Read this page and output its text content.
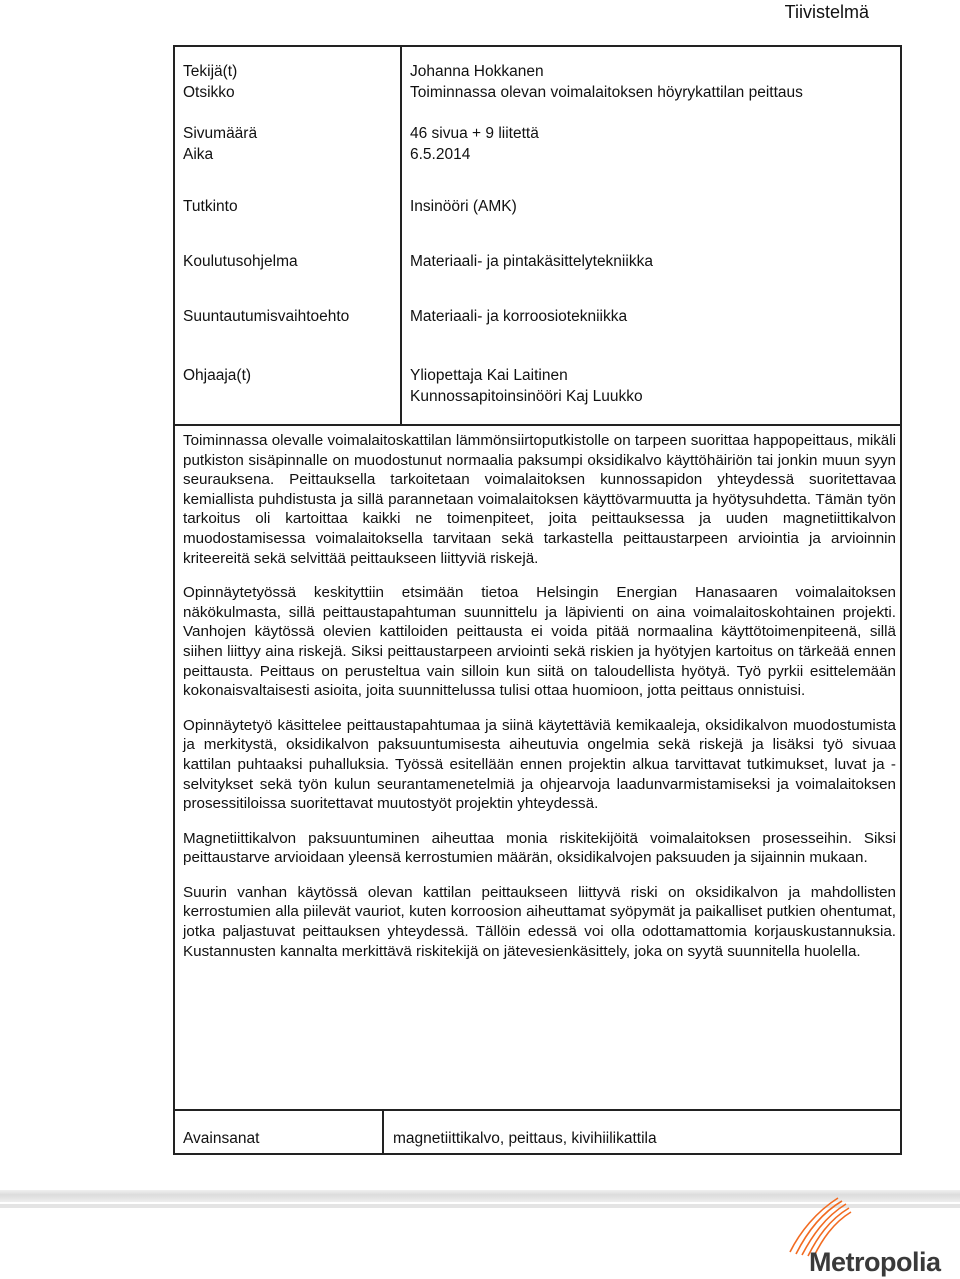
Tiivistelmä
Tekijä(t)	Johanna Hokkanen
Otsikko	Toiminnassa olevan voimalaitoksen höyrykattilan peittaus
Sivumäärä	46 sivua + 9 liitettä
Aika	6.5.2014
Tutkinto	Insinööri (AMK)
Koulutusohjelma	Materiaali- ja pintakäsittelytekniikka
Suuntautumisvaihtoehto	Materiaali- ja korroosiotekniikka
Ohjaaja(t)	Yliopettaja Kai Laitinen
Kunnossapitoinsinööri Kaj Luukko

Toiminnassa olevalle voimalaitoskattilan lämmönsiirtoputkistolle on tarpeen suorittaa happopeittaus, mikäli putkiston sisäpinnalle on muodostunut normaalia paksumpi oksidikalvo käyttöhäiriön tai jonkin muun syyn seurauksena. Peittauksella tarkoitetaan voimalaitoksen kunnossapidon yhteydessä suoritettavaa kemiallista puhdistusta ja sillä parannetaan voimalaitoksen käyttövarmuutta ja hyötysuhdetta. Tämän työn tarkoitus oli kartoittaa kaikki ne toimenpiteet, joita peittauksessa ja uuden magnetiittikalvon muodostamisessa voimalaitoksella tarvitaan sekä tarkastella peittaustarpeen arviointia ja arvioinnin kriteereitä sekä selvittää peittaukseen liittyviä riskejä.

Opinnäytetyössä keskityttiin etsimään tietoa Helsingin Energian Hanasaaren voimalaitoksen näkökulmasta, sillä peittaustapahtuman suunnittelu ja läpivienti on aina voimalaitoskohtainen projekti. Vanhojen käytössä olevien kattiloiden peittausta ei voida pitää normaalina käyttötoimenpiteenä, sillä siihen liittyy aina riskejä. Siksi peittaustarpeen arviointi sekä riskien ja hyötyjen kartoitus on tärkeää ennen peittausta. Peittaus on perusteltua vain silloin kun siitä on taloudellista hyötyä. Työ pyrkii esittelemään kokonaisvaltaisesti asioita, joita suunnittelussa tulisi ottaa huomioon, jotta peittaus onnistuisi.

Opinnäytetyö käsittelee peittaustapahtumaa ja siinä käytettäviä kemikaaleja, oksidikalvon muodostumista ja merkitystä, oksidikalvon paksuuntumisesta aiheutuvia ongelmia sekä riskejä ja lisäksi työ sivuaa kattilan puhtaaksi puhalluksia. Työssä esitellään ennen projektin alkua tarvittavat tutkimukset, luvat ja -selvitykset sekä työn kulun seurantamenetelmiä ja ohjearvoja laadunvarmistamiseksi ja voimalaitoksen prosessitiloissa suoritettavat muutostyöt projektin yhteydessä.

Magnetiittikalvon paksuuntuminen aiheuttaa monia riskitekijöitä voimalaitoksen prosesseihin. Siksi peittaustarve arvioidaan yleensä kerrostumien määrän, oksidikalvojen paksuuden ja sijainnin mukaan.

Suurin vanhan käytössä olevan kattilan peittaukseen liittyvä riski on oksidikalvon ja mahdollisten kerrostumien alla piilevät vauriot, kuten korroosion aiheuttamat syöpymät ja paikalliset putkien ohentumat, jotka paljastuvat peittauksen yhteydessä. Tällöin edessä voi olla odottamattomia korjauskustannuksia. Kustannusten kannalta merkittävä riskitekijä on jätevesienkäsittely, joka on syytä suunnitella huolella.

Avainsanat	magnetiittikalvo, peittaus, kivihiilikattila
Metropolia
